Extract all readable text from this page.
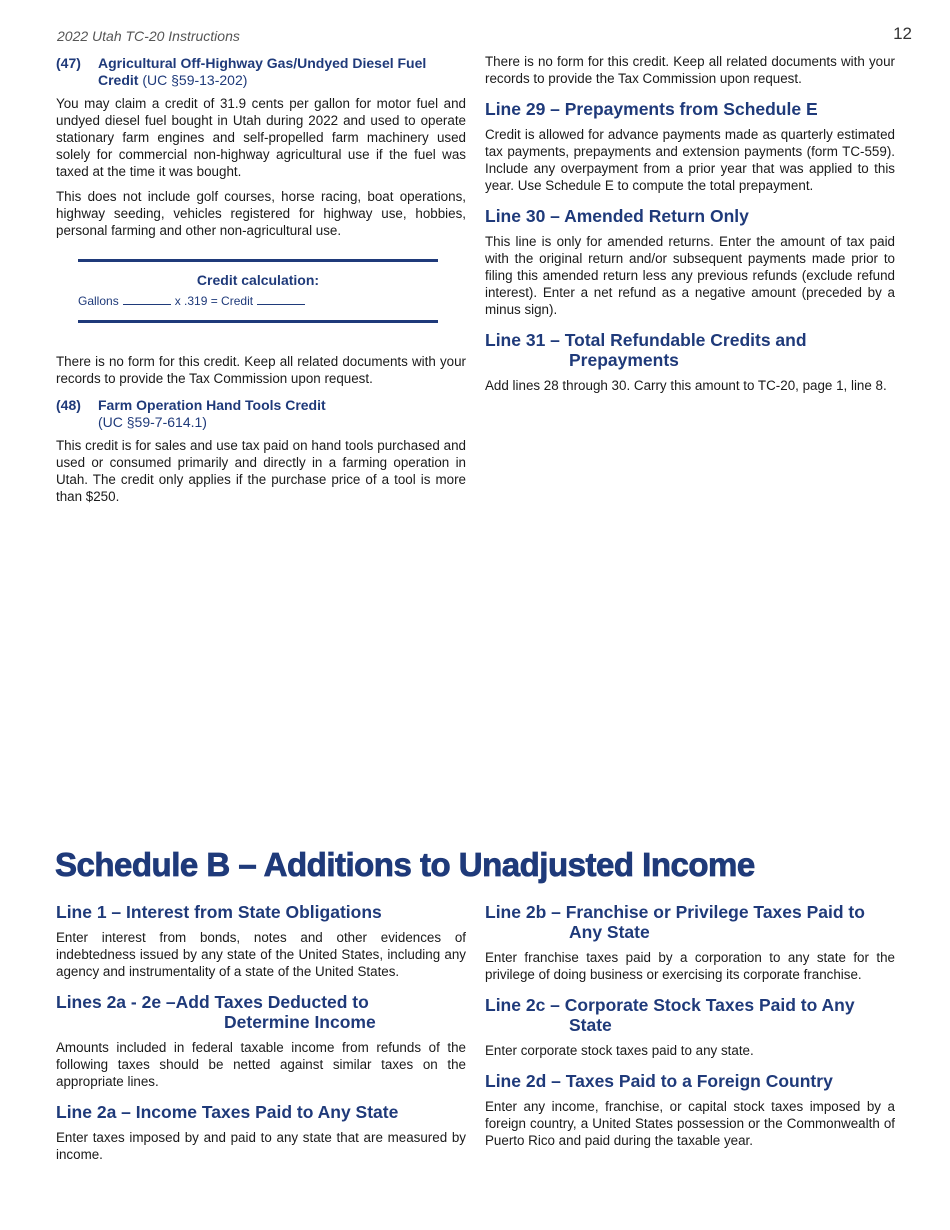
2022 Utah TC-20 Instructions	12
(47)	Agricultural Off-Highway Gas/Undyed Diesel Fuel Credit (UC §59-13-202)

You may claim a credit of 31.9 cents per gallon for motor fuel and undyed diesel fuel bought in Utah during 2022 and used to operate stationary farm engines and self-propelled farm machinery used solely for commercial non-highway agricultural use if the fuel was taxed at the time it was bought.

This does not include golf courses, horse racing, boat operations, highway seeding, vehicles registered for highway use, hobbies, personal farming and other non-agricultural use.

Credit calculation:
Gallons	x .319 = Credit

There is no form for this credit. Keep all related documents with your records to provide the Tax Commission upon request.

(48)	Farm Operation Hand Tools Credit
(UC §59-7-614.1)

This credit is for sales and use tax paid on hand tools purchased and used or consumed primarily and directly in a farming operation in Utah. The credit only applies if the purchase price of a tool is more than $250.

There is no form for this credit. Keep all related documents with your records to provide the Tax Commission upon request.

Line 29 – Prepayments from Schedule E

Credit is allowed for advance payments made as quarterly estimated tax payments, prepayments and extension payments (form TC-559). Include any overpayment from a prior year that was applied to this year. Use Schedule E to compute the total prepayment.

Line 30 – Amended Return Only

This line is only for amended returns. Enter the amount of tax paid with the original return and/or subsequent payments made prior to filing this amended return less any previous refunds (exclude refund interest). Enter a net refund as a negative amount (preceded by a minus sign).

Line 31 – Total Refundable Credits and
Prepayments

Add lines 28 through 30. Carry this amount to TC-20, page 1, line 8.

Schedule B – Additions to Unadjusted Income
Line 1 – Interest from State Obligations

Enter interest from bonds, notes and other evidences of indebtedness issued by any state of the United States, including any agency and instrumentality of a state of the United States.

Lines 2a - 2e –Add Taxes Deducted to
Determine Income

Amounts included in federal taxable income from refunds of the following taxes should be netted against similar taxes on the appropriate lines.

Line 2a – Income Taxes Paid to Any State

Enter taxes imposed by and paid to any state that are measured by income.

Line 2b – Franchise or Privilege Taxes Paid to
Any State

Enter franchise taxes paid by a corporation to any state for the privilege of doing business or exercising its corporate franchise.

Line 2c – Corporate Stock Taxes Paid to Any
State

Enter corporate stock taxes paid to any state.

Line 2d – Taxes Paid to a Foreign Country

Enter any income, franchise, or capital stock taxes imposed by a foreign country, a United States possession or the Commonwealth of Puerto Rico and paid during the taxable year.
